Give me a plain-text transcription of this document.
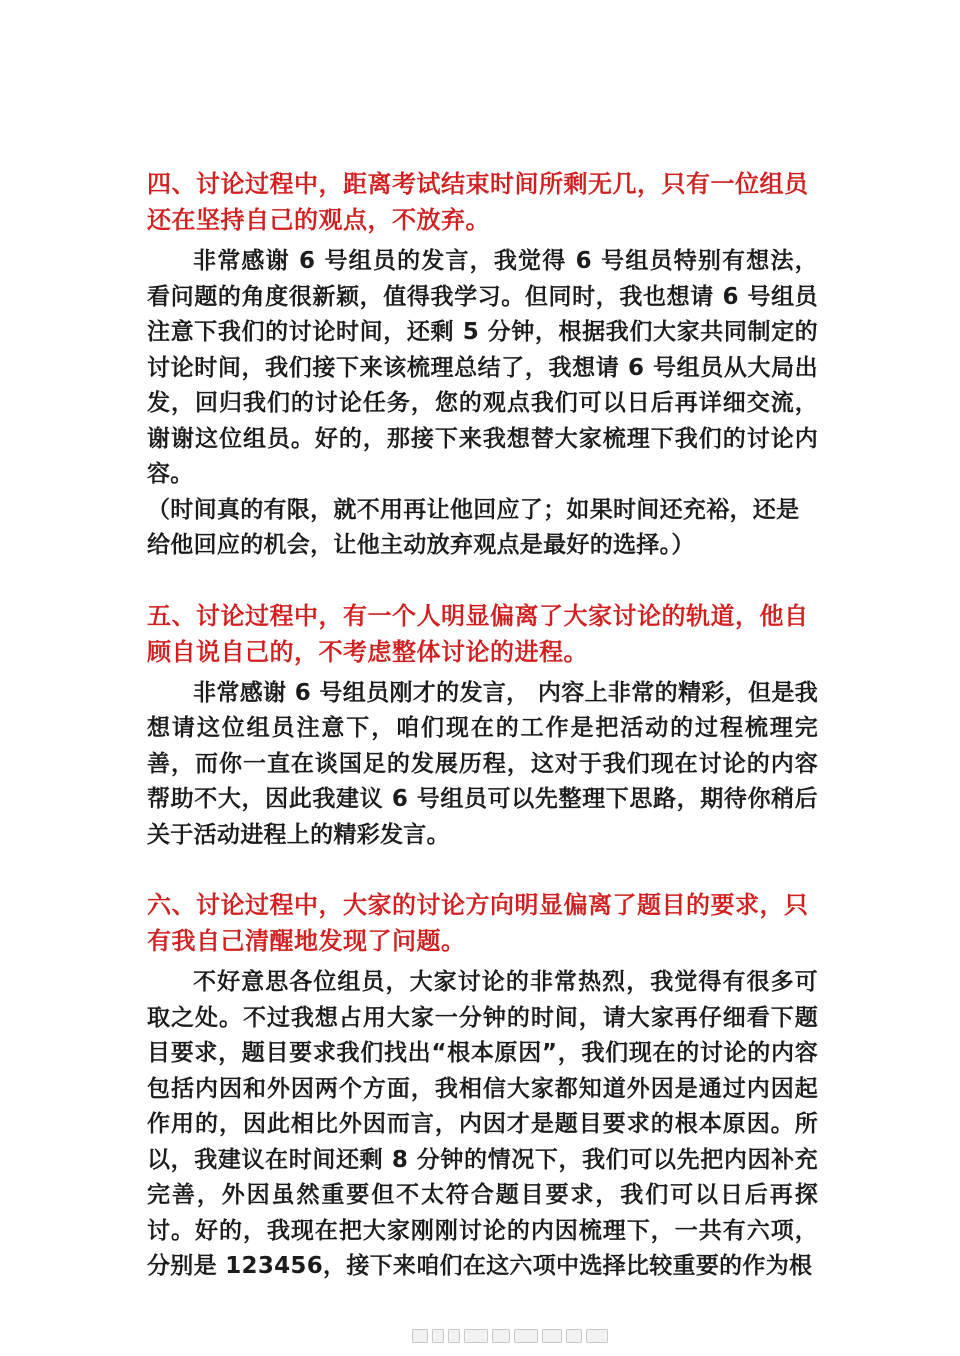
四、讨论过程中，距离考试结束时间所剩无几，只有一位组员还在坚持自己的观点，不放弃。

非常感谢 6 号组员的发言，我觉得 6 号组员特别有想法，看问题的角度很新颖，值得我学习。但同时，我也想请 6 号组员注意下我们的讨论时间，还剩 5 分钟，根据我们大家共同制定的讨论时间，我们接下来该梳理总结了，我想请 6 号组员从大局出发，回归我们的讨论任务，您的观点我们可以日后再详细交流，谢谢这位组员。好的，那接下来我想替大家梳理下我们的讨论内容。

（时间真的有限，就不用再让他回应了；如果时间还充裕，还是给他回应的机会，让他主动放弃观点是最好的选择。）

五、讨论过程中，有一个人明显偏离了大家讨论的轨道，他自顾自说自己的，不考虑整体讨论的进程。

非常感谢 6 号组员刚才的发言， 内容上非常的精彩，但是我想请这位组员注意下，咱们现在的工作是把活动的过程梳理完善，而你一直在谈国足的发展历程，这对于我们现在讨论的内容帮助不大，因此我建议 6 号组员可以先整理下思路，期待你稍后关于活动进程上的精彩发言。

六、讨论过程中，大家的讨论方向明显偏离了题目的要求，只有我自己清醒地发现了问题。

不好意思各位组员，大家讨论的非常热烈，我觉得有很多可取之处。不过我想占用大家一分钟的时间，请大家再仔细看下题目要求，题目要求我们找出“根本原因”，我们现在的讨论的内容包括内因和外因两个方面，我相信大家都知道外因是通过内因起作用的，因此相比外因而言，内因才是题目要求的根本原因。所以，我建议在时间还剩 8 分钟的情况下，我们可以先把内因补充完善，外因虽然重要但不太符合题目要求，我们可以日后再探讨。好的，我现在把大家刚刚讨论的内因梳理下，一共有六项，分别是 123456，接下来咱们在这六项中选择比较重要的作为根
